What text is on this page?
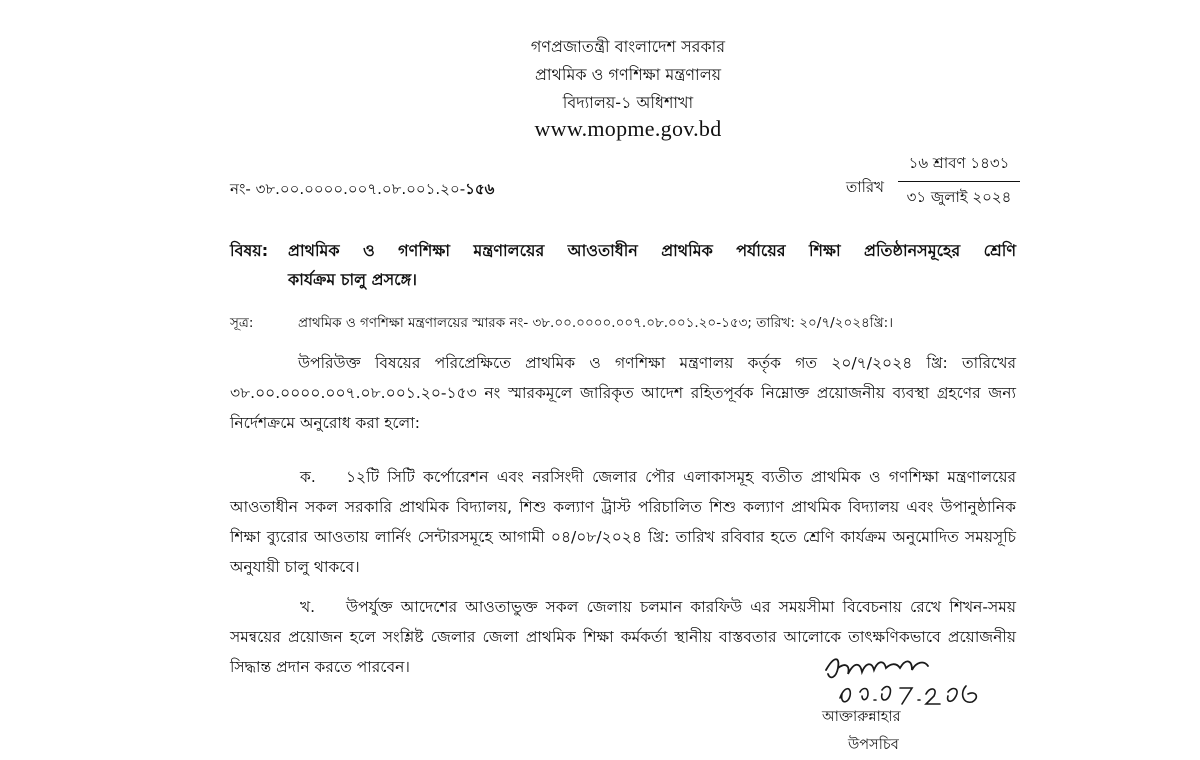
গণপ্রজাতন্ত্রী বাংলাদেশ সরকার
প্রাথমিক ও গণশিক্ষা মন্ত্রণালয়
বিদ্যালয়-১ অধিশাখা
www.mopme.gov.bd
নং- ৩৮.০০.০০০০.০০৭.০৮.০০১.২০-১৫৬	তারিখ
১৬ শ্রাবণ ১৪৩১
৩১ জুলাই ২০২৪
বিষয়: প্রাথমিক ও গণশিক্ষা মন্ত্রণালয়ের আওতাধীন প্রাথমিক পর্যায়ের শিক্ষা প্রতিষ্ঠানসমূহের শ্রেণি
কার্যক্রম চালু প্রসঙ্গে।
সূত্র:	প্রাথমিক ও গণশিক্ষা মন্ত্রণালয়ের স্মারক নং- ৩৮.০০.০০০০.০০৭.০৮.০০১.২০-১৫৩; তারিখ: ২০/৭/২০২৪খ্রি:।
উপরিউক্ত বিষয়ের পরিপ্রেক্ষিতে প্রাথমিক ও গণশিক্ষা মন্ত্রণালয় কর্তৃক গত ২০/৭/২০২৪ খ্রি: তারিখের ৩৮.০০.০০০০.০০৭.০৮.০০১.২০-১৫৩ নং স্মারকমূলে জারিকৃত আদেশ রহিতপূর্বক নিম্নোক্ত প্রয়োজনীয় ব্যবস্থা গ্রহণের জন্য নির্দেশক্রমে অনুরোধ করা হলো:
ক. ১২টি সিটি কর্পোরেশন এবং নরসিংদী জেলার পৌর এলাকাসমূহ ব্যতীত প্রাথমিক ও গণশিক্ষা মন্ত্রণালয়ের আওতাধীন সকল সরকারি প্রাথমিক বিদ্যালয়, শিশু কল্যাণ ট্রাস্ট পরিচালিত শিশু কল্যাণ প্রাথমিক বিদ্যালয় এবং উপানুষ্ঠানিক শিক্ষা ব্যুরোর আওতায় লার্নিং সেন্টারসমূহে আগামী ০৪/০৮/২০২৪ খ্রি: তারিখ রবিবার হতে শ্রেণি কার্যক্রম অনুমোদিত সময়সূচি অনুযায়ী চালু থাকবে।
খ. উপর্যুক্ত আদেশের আওতাভুক্ত সকল জেলায় চলমান কারফিউ এর সময়সীমা বিবেচনায় রেখে শিখন-সময় সমন্বয়ের প্রয়োজন হলে সংশ্লিষ্ট জেলার জেলা প্রাথমিক শিক্ষা কর্মকর্তা স্থানীয় বাস্তবতার আলোকে তাৎক্ষণিকভাবে প্রয়োজনীয় সিদ্ধান্ত প্রদান করতে পারবেন।
আক্তারুন্নাহার
উপসচিব
